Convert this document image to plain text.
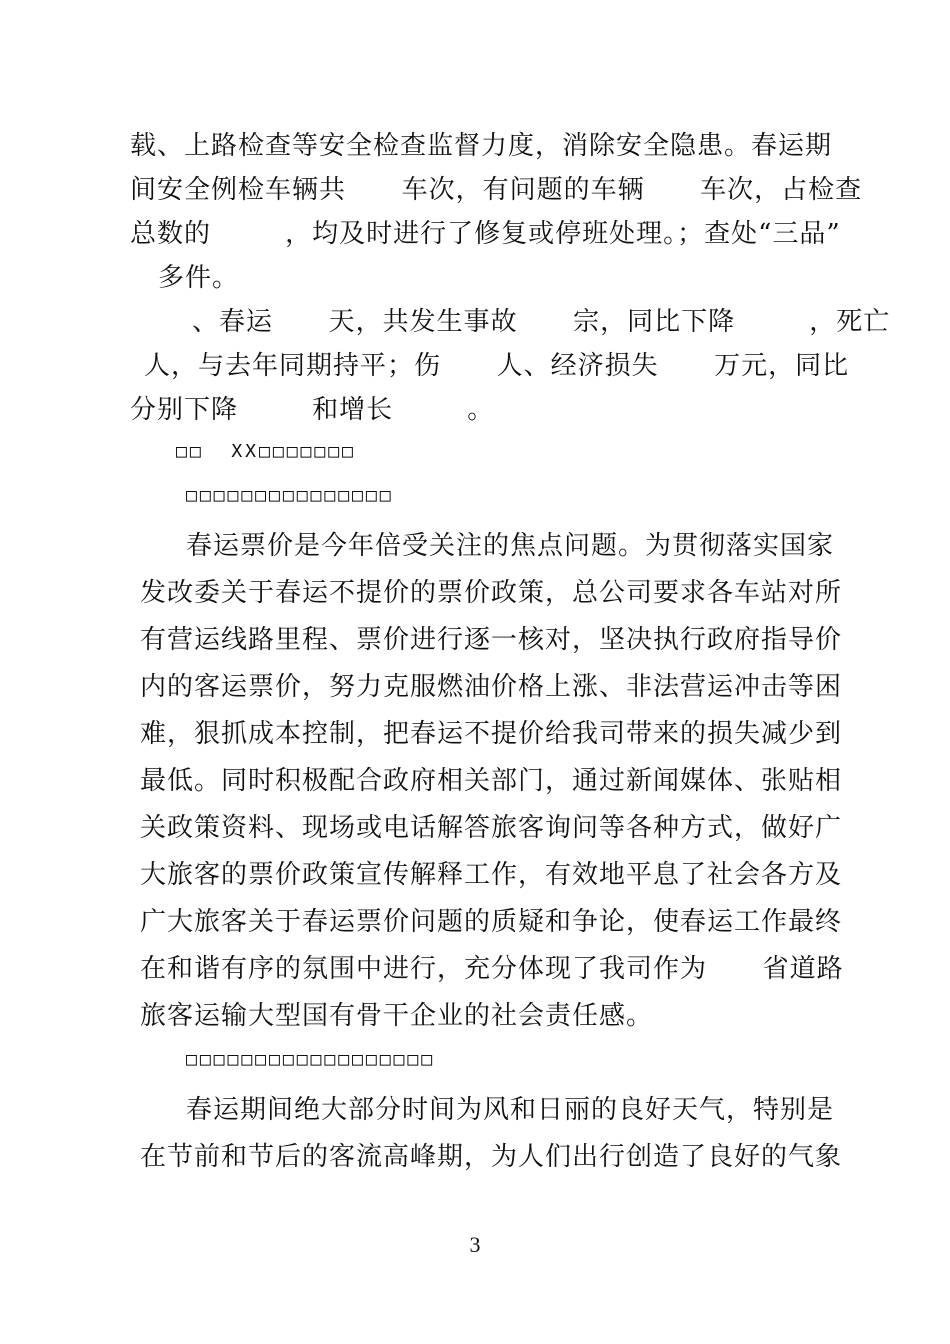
载、上路检查等安全检查监督力度，消除安全隐患。春运期
间安全例检车辆共      车次，有问题的车辆      车次，占检查
总数的        ，均及时进行了修复或停班处理。；查处“三品”
多件。
、春运      天，共发生事故      宗，同比下降        ，死亡
人，与去年同期持平；伤      人、经济损失      万元，同比
分别下降        和增长        。
□□  XX□□□□□□□
□□□□□□□□□□□□□□□
春运票价是今年倍受关注的焦点问题。为贯彻落实国家
发改委关于春运不提价的票价政策，总公司要求各车站对所
有营运线路里程、票价进行逐一核对，坚决执行政府指导价
内的客运票价，努力克服燃油价格上涨、非法营运冲击等困
难，狠抓成本控制，把春运不提价给我司带来的损失减少到
最低。同时积极配合政府相关部门，通过新闻媒体、张贴相
关政策资料、现场或电话解答旅客询问等各种方式，做好广
大旅客的票价政策宣传解释工作，有效地平息了社会各方及
广大旅客关于春运票价问题的质疑和争论，使春运工作最终
在和谐有序的氛围中进行，充分体现了我司作为      省道路
旅客运输大型国有骨干企业的社会责任感。
□□□□□□□□□□□□□□□□□□
春运期间绝大部分时间为风和日丽的良好天气，特别是
在节前和节后的客流高峰期，为人们出行创造了良好的气象
3
